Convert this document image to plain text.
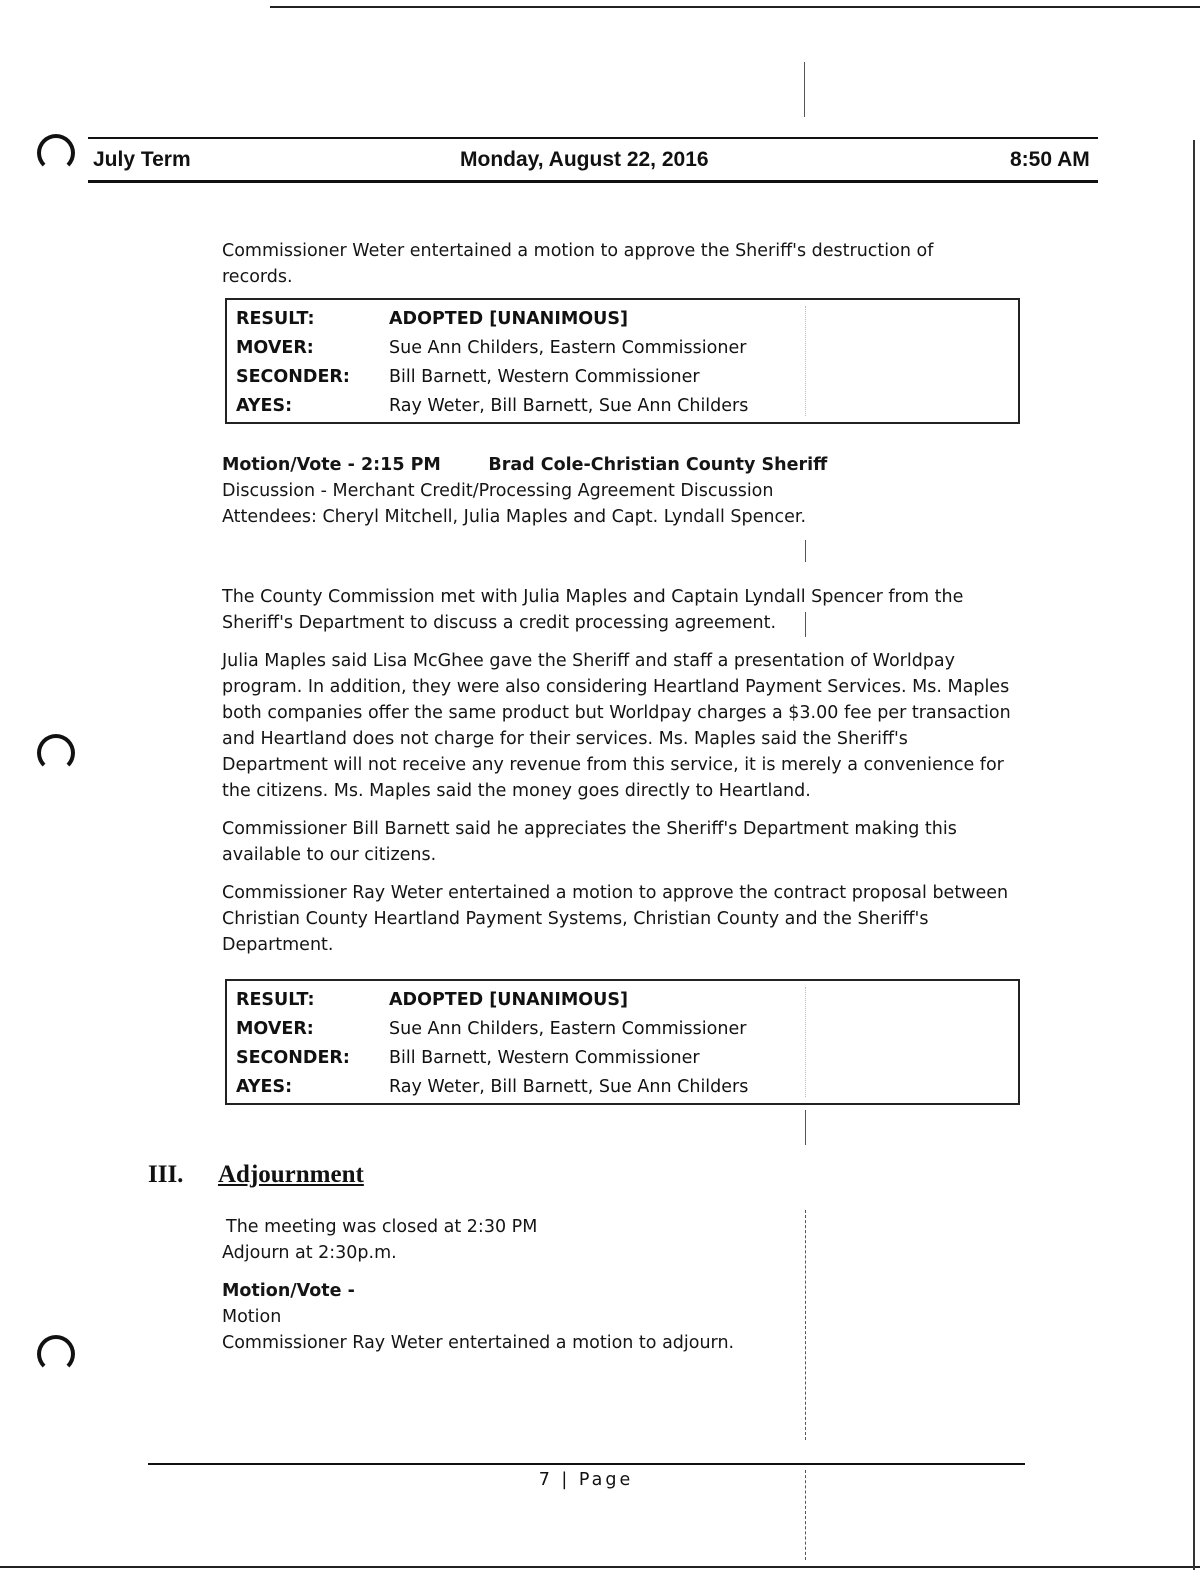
July Term	Monday, August 22, 2016	8:50 AM

Commissioner Weter entertained a motion to approve the Sheriff's destruction of records.

RESULT:	ADOPTED [UNANIMOUS]
MOVER:	Sue Ann Childers, Eastern Commissioner
SECONDER:	Bill Barnett, Western Commissioner
AYES:	Ray Weter, Bill Barnett, Sue Ann Childers

Motion/Vote - 2:15 PM	Brad Cole-Christian County Sheriff

Discussion - Merchant Credit/Processing Agreement Discussion

Attendees: Cheryl Mitchell, Julia Maples and Capt. Lyndall Spencer.

The County Commission met with Julia Maples and Captain Lyndall Spencer from the Sheriff's Department to discuss a credit processing agreement.

Julia Maples said Lisa McGhee gave the Sheriff and staff a presentation of Worldpay program. In addition, they were also considering Heartland Payment Services. Ms. Maples both companies offer the same product but Worldpay charges a $3.00 fee per transaction and Heartland does not charge for their services. Ms. Maples said the Sheriff's Department will not receive any revenue from this service, it is merely a convenience for the citizens. Ms. Maples said the money goes directly to Heartland.

Commissioner Bill Barnett said he appreciates the Sheriff's Department making this available to our citizens.

Commissioner Ray Weter entertained a motion to approve the contract proposal between Christian County Heartland Payment Systems, Christian County and the Sheriff's Department.

RESULT:	ADOPTED [UNANIMOUS]
MOVER:	Sue Ann Childers, Eastern Commissioner
SECONDER:	Bill Barnett, Western Commissioner
AYES:	Ray Weter, Bill Barnett, Sue Ann Childers
III. Adjournment

The meeting was closed at 2:30 PM

Adjourn at 2:30p.m.

Motion/Vote -

Motion

Commissioner Ray Weter entertained a motion to adjourn.

7 | Page
